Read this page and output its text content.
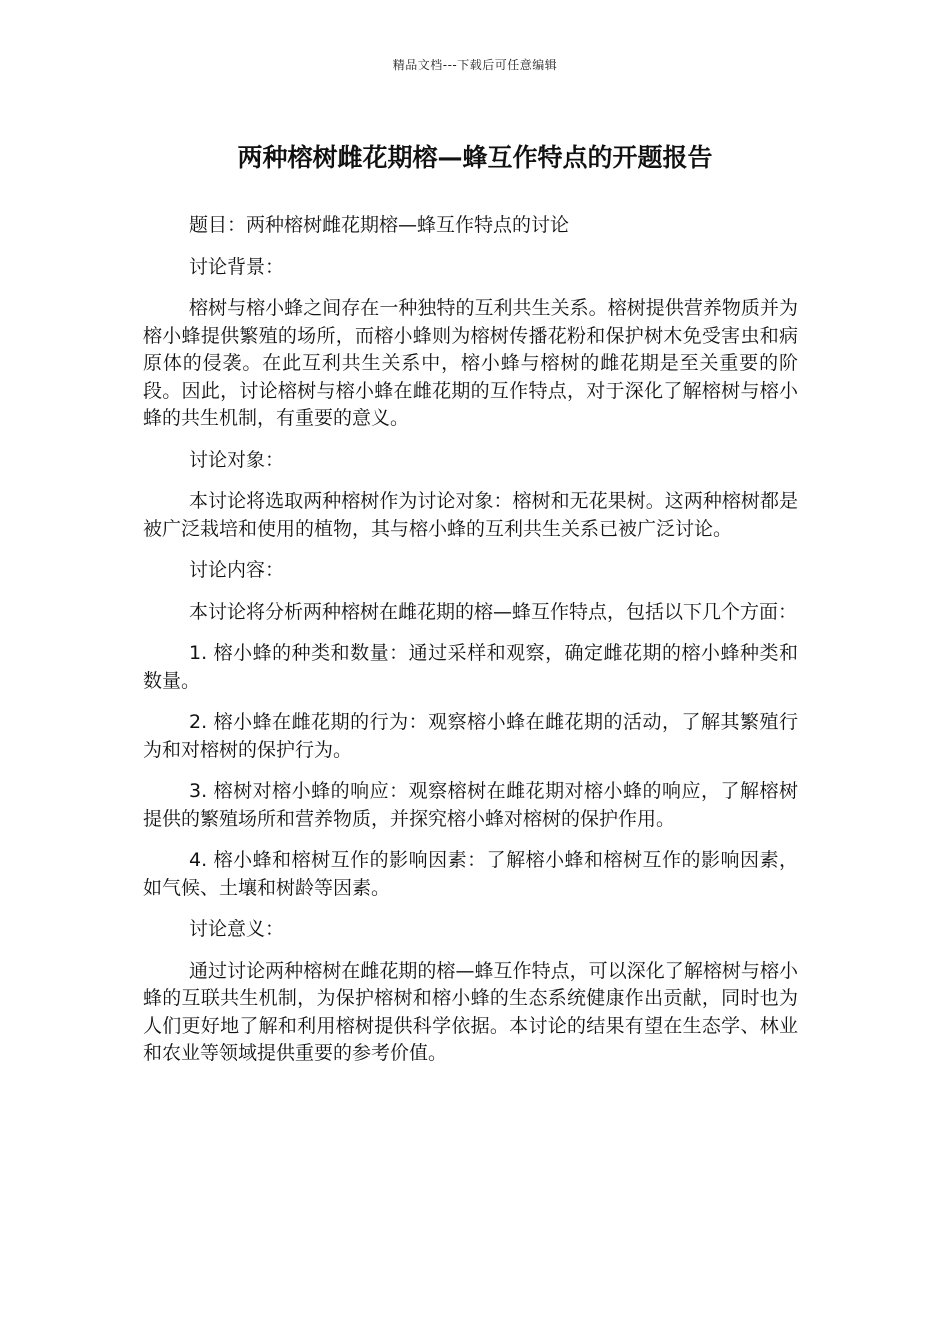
精品文档---下载后可任意编辑
两种榕树雌花期榕—蜂互作特点的开题报告

题目：两种榕树雌花期榕—蜂互作特点的讨论

讨论背景：

榕树与榕小蜂之间存在一种独特的互利共生关系。榕树提供营养物质并为榕小蜂提供繁殖的场所，而榕小蜂则为榕树传播花粉和保护树木免受害虫和病原体的侵袭。在此互利共生关系中，榕小蜂与榕树的雌花期是至关重要的阶段。因此，讨论榕树与榕小蜂在雌花期的互作特点，对于深化了解榕树与榕小蜂的共生机制，有重要的意义。

讨论对象：

本讨论将选取两种榕树作为讨论对象：榕树和无花果树。这两种榕树都是被广泛栽培和使用的植物，其与榕小蜂的互利共生关系已被广泛讨论。

讨论内容：

本讨论将分析两种榕树在雌花期的榕—蜂互作特点，包括以下几个方面：

1. 榕小蜂的种类和数量：通过采样和观察，确定雌花期的榕小蜂种类和数量。

2. 榕小蜂在雌花期的行为：观察榕小蜂在雌花期的活动，了解其繁殖行为和对榕树的保护行为。

3. 榕树对榕小蜂的响应：观察榕树在雌花期对榕小蜂的响应，了解榕树提供的繁殖场所和营养物质，并探究榕小蜂对榕树的保护作用。

4. 榕小蜂和榕树互作的影响因素：了解榕小蜂和榕树互作的影响因素，如气候、土壤和树龄等因素。

讨论意义：

通过讨论两种榕树在雌花期的榕—蜂互作特点，可以深化了解榕树与榕小蜂的互联共生机制，为保护榕树和榕小蜂的生态系统健康作出贡献，同时也为人们更好地了解和利用榕树提供科学依据。本讨论的结果有望在生态学、林业和农业等领域提供重要的参考价值。
